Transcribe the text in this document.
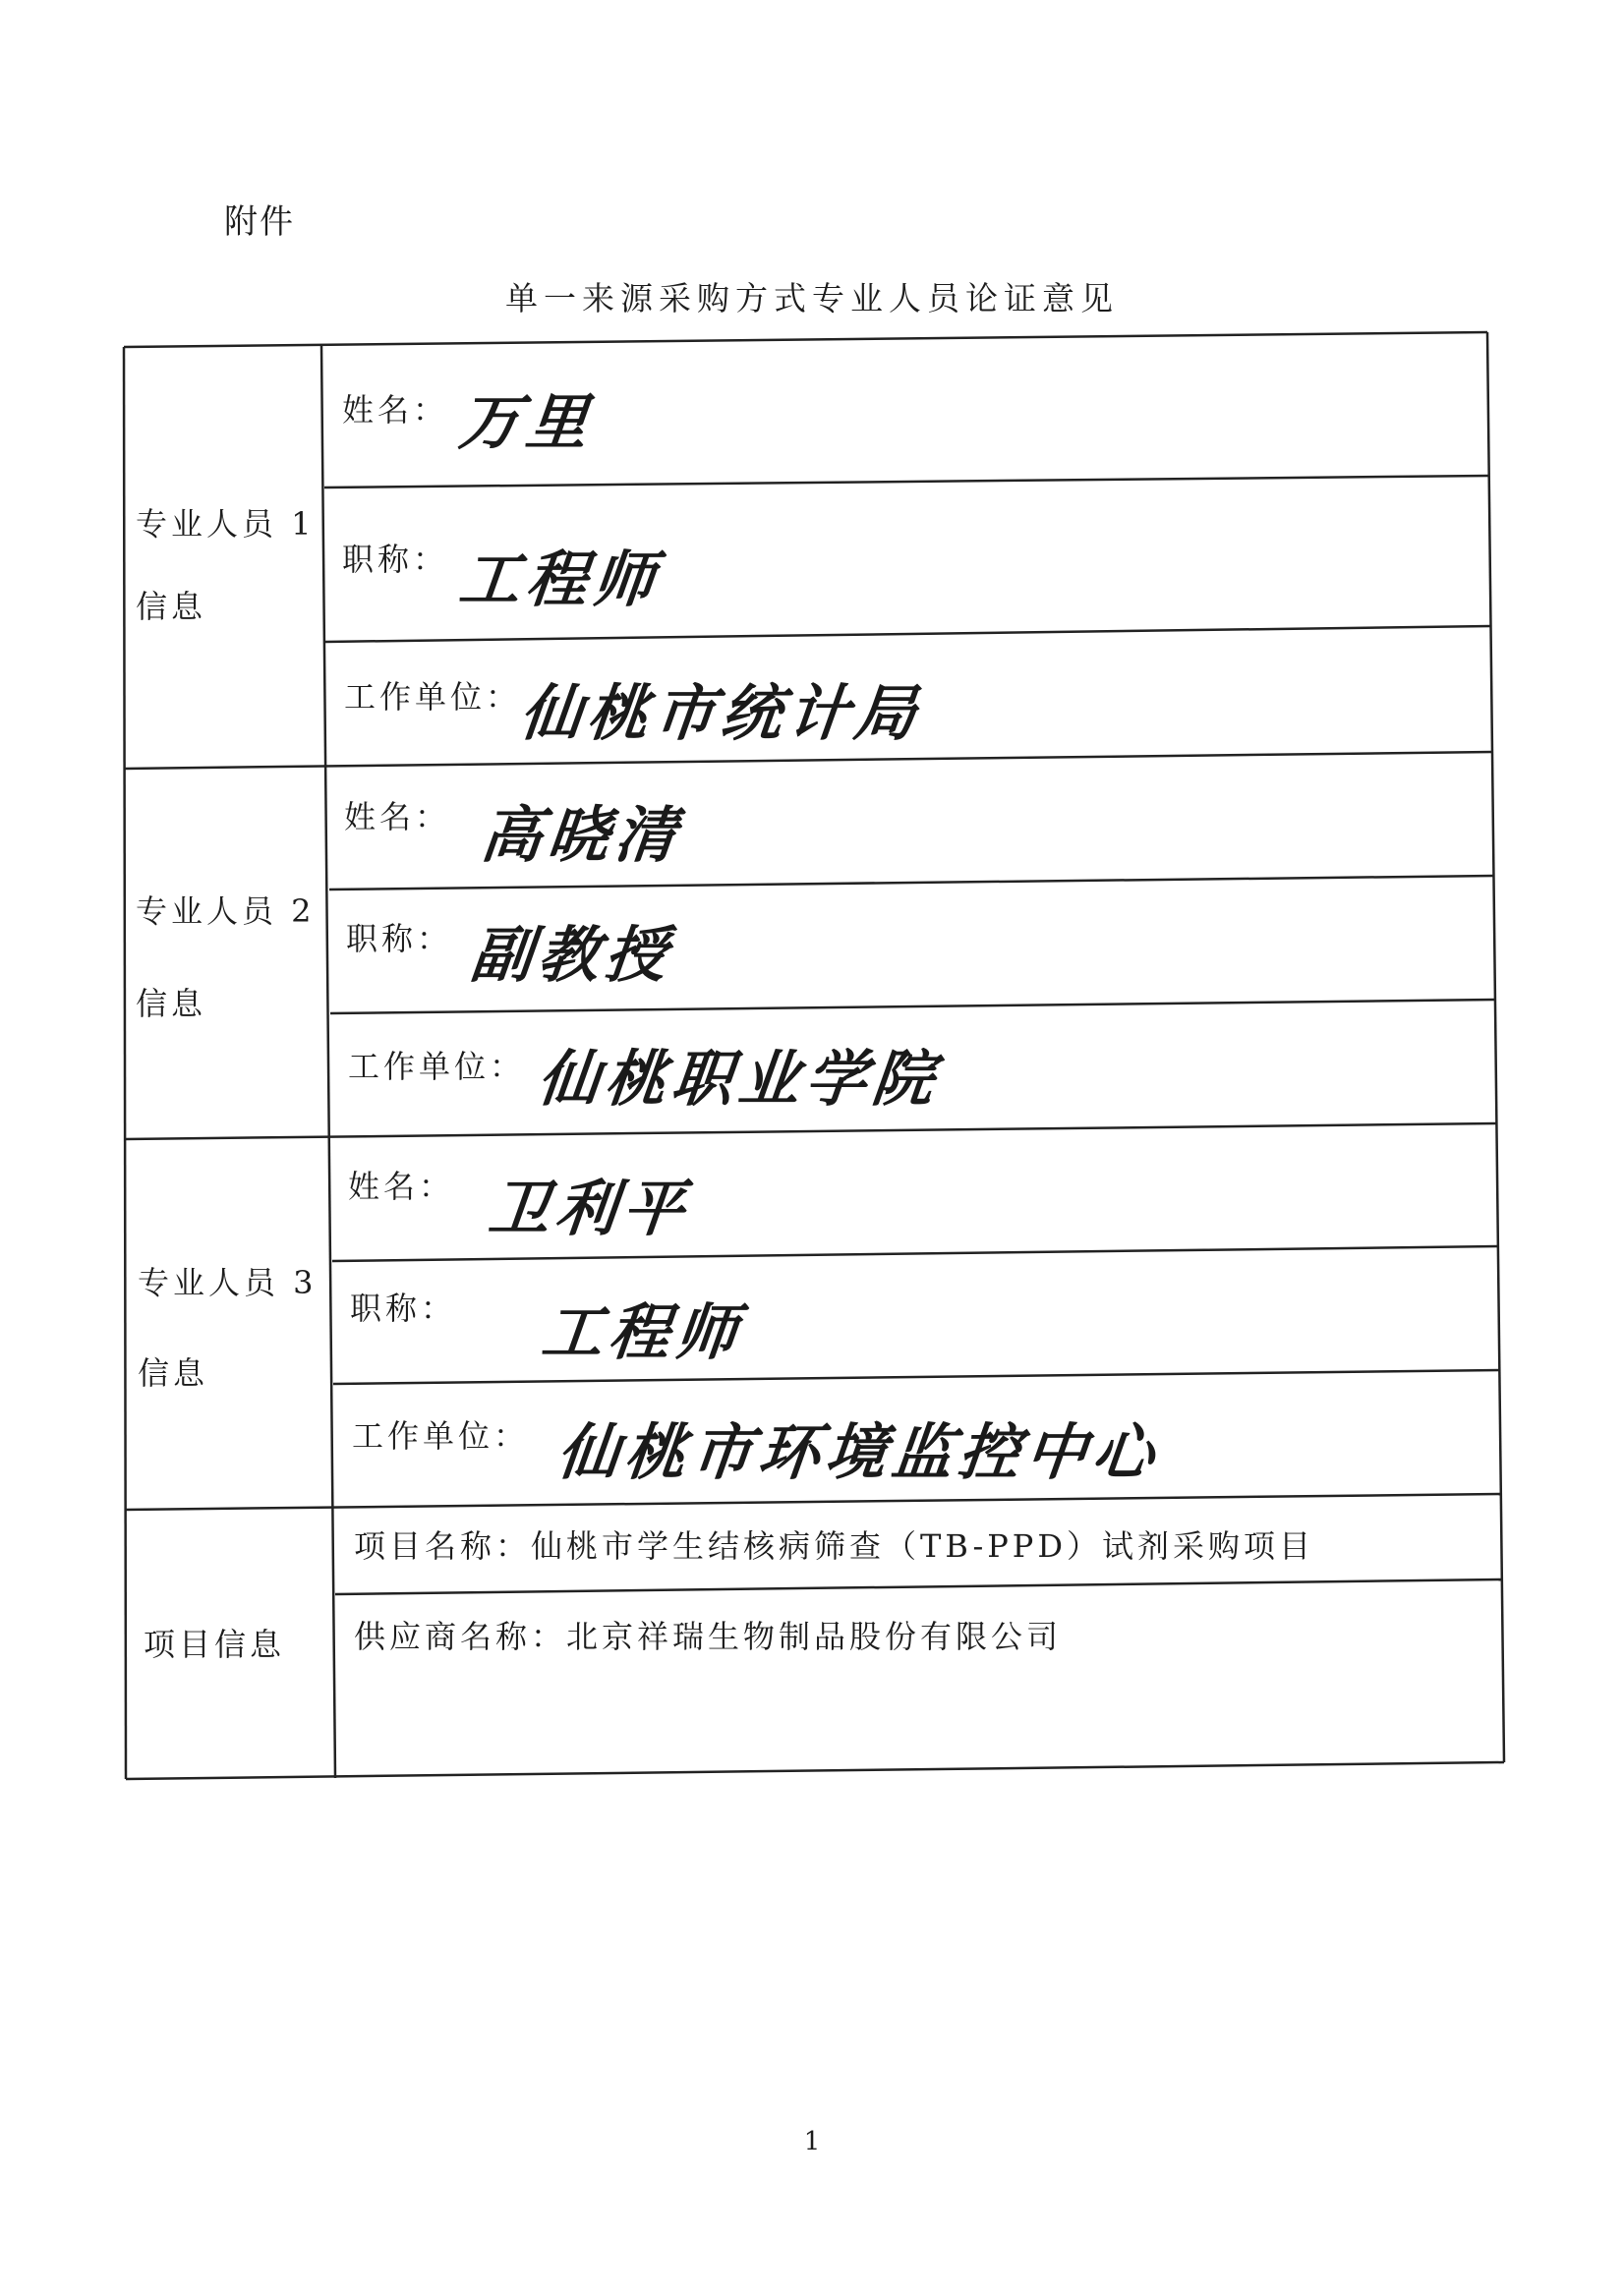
附件
单一来源采购方式专业人员论证意见
专业人员 1
信息
姓名： 万里
职称： 工程师
工作单位：
仙桃市统计局
专业人员 2
信息
姓名： 高晓清
职称： 副教授
工作单位： 仙桃职业学院
专业人员 3
信息
姓名： 卫利平
职称： 工程师
工作单位： 仙桃市环境监控中心
项目信息
项目名称：仙桃市学生结核病筛查（TB-PPD）试剂采购项目
供应商名称：北京祥瑞生物制品股份有限公司
1
